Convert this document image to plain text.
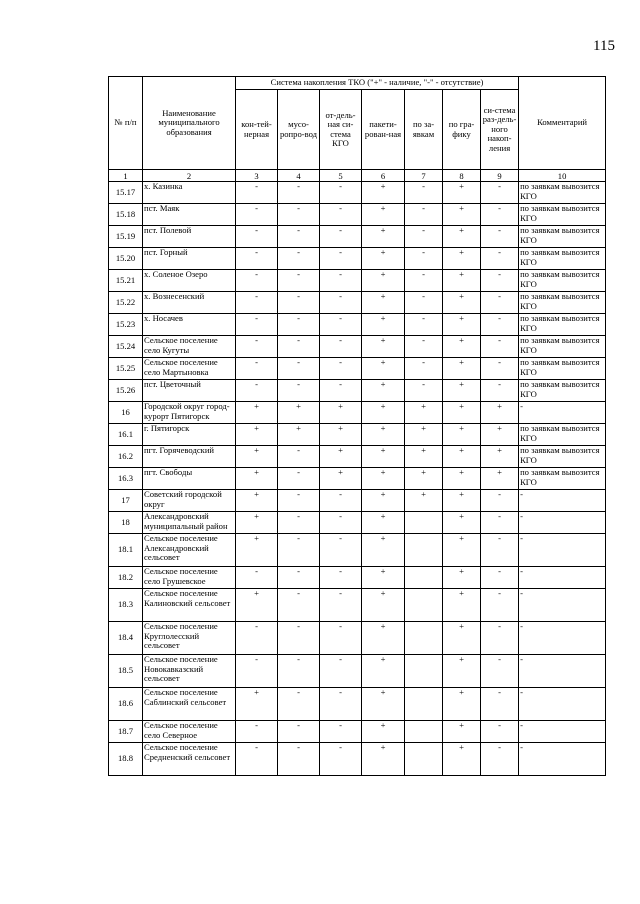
115
№ п/п	Наименование муниципального образования	Система накопления ТКО ("+" - наличие, "-" - отсутствие)							Комментарий
		кон-тей-нерная	мусо-ропро-вод	от-дель-ная си-стема КГО	пакети-рован-ная	по за-явкам	по гра-фику	си-стема раз-дель-ного накоп-ления	
1	2	3	4	5	6	7	8	9	10
15.17	х. Казинка	-	-	-	+	-	+	-	по заявкам вывозится КГО
15.18	пст. Маяк	-	-	-	+	-	+	-	по заявкам вывозится КГО
15.19	пст. Полевой	-	-	-	+	-	+	-	по заявкам вывозится КГО
15.20	пст. Горный	-	-	-	+	-	+	-	по заявкам вывозится КГО
15.21	х. Соленое Озеро	-	-	-	+	-	+	-	по заявкам вывозится КГО
15.22	х. Вознесенский	-	-	-	+	-	+	-	по заявкам вывозится КГО
15.23	х. Носачев	-	-	-	+	-	+	-	по заявкам вывозится КГО
15.24	Сельское поселение село Кугуты	-	-	-	+	-	+	-	по заявкам вывозится КГО
15.25	Сельское поселение село Мартыновка	-	-	-	+	-	+	-	по заявкам вывозится КГО
15.26	пст. Цветочный	-	-	-	+	-	+	-	по заявкам вывозится КГО
16	Городской округ город-курорт Пятигорск	+	+	+	+	+	+	+	-
16.1	г. Пятигорск	+	+	+	+	+	+	+	по заявкам вывозится КГО
16.2	пгт. Горячеводский	+	-	+	+	+	+	+	по заявкам вывозится КГО
16.3	пгт. Свободы	+	-	+	+	+	+	+	по заявкам вывозится КГО
17	Советский городской округ	+	-	-	+	+	+	-	-
18	Александровский муниципальный район	+	-	-	+		+	-	-
18.1	Сельское поселение Александровский сельсовет	+	-	-	+		+	-	-
18.2	Сельское поселение село Грушевское	-	-	-	+		+	-	-
18.3	Сельское поселение Калиновский сельсовет	+	-	-	+		+	-	-
18.4	Сельское поселение Круглолесский сельсовет	-	-	-	+		+	-	-
18.5	Сельское поселение Новокавказский сельсовет	-	-	-	+		+	-	-
18.6	Сельское поселение Саблинский сельсовет	+	-	-	+		+	-	-
18.7	Сельское поселение село Северное	-	-	-	+		+	-	-
18.8	Сельское поселение Средненский сельсовет	-	-	-	+		+	-	-
